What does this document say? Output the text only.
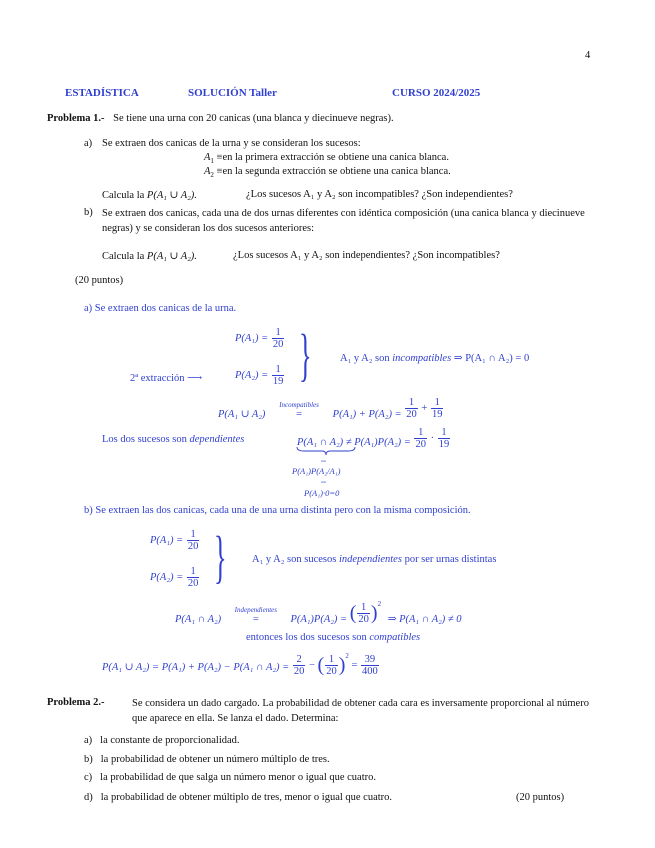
4
ESTADÍSTICA	SOLUCIÓN Taller	CURSO 2024/2025
Problema 1.- Se tiene una urna con 20 canicas (una blanca y diecinueve negras).
a) Se extraen dos canicas de la urna y se consideran los sucesos:
$A_1 \equiv en$ la primera extracción se obtiene una canica blanca.
$A_2 \equiv en$ la segunda extracción se obtiene una canica blanca.
Calcula la P(A₁ ∪ A₂).	¿Los sucesos A₁ y A₂ son incompatibles? ¿Son independientes?
b) Se extraen dos canicas, cada una de dos urnas diferentes con idéntica composición (una canica blanca y diecinueve negras) y se consideran los dos sucesos anteriores:
Calcula la P(A₁ ∪ A₂).	¿Los sucesos A₁ y A₂ son independientes? ¿Son incompatibles?
(20 puntos)
a) Se extraen dos canicas de la urna.
$P(A_1) = \frac{1}{20}$ }
2ª extracción ⟶	$P(A_2) = \frac{1}{19}$
A₁ y A₂ son incompatibles ⇒ P(A₁ ∩ A₂) = 0
P(A₁ ∪ A₂)
Incompatibles
=	$P(A_1) + P(A_2) = \frac{1}{20} + \frac{1}{19}$
Los dos sucesos son dependientes	P(A₁ ∩ $A_2) \ne P(A_1)P(A_2) = \frac{1}{20} \cdot \frac{1}{19}$
‖
P(A₁)P(A₂/A₁)
‖
P(A₁)·0=0
b) Se extraen las dos canicas, cada una de una urna distinta pero con la misma composición.
$P(A_1) = \frac{1}{20}$
$P(A_2) = \frac{1}{20}$ } A₁ y A₂ son sucesos independientes por ser urnas distintas
P(A₁ ∩ A₂)
Independientes
=	P(A₁)P(A₂) = ( $\frac{1}{20} )^2$ ⇒ P(A₁ ∩ A₂) ≠ 0
entonces los dos sucesos son compatibles
P(A₁ ∪ A₂) = P(A₁) + P(A₂) − P(A₁ ∩ $A_2) = \frac{2}{20}$ − ( $\frac{1}{20} )^2 = \frac{39}{400}$
Problema 2.-	Se considera un dado cargado. La probabilidad de obtener cada cara es inversamente proporcional al número que aparece en ella. Se lanza el dado. Determina:
a) la constante de proporcionalidad.
b) la probabilidad de obtener un número múltiplo de tres.
c) la probabilidad de que salga un número menor o igual que cuatro.
d) la probabilidad de obtener múltiplo de tres, menor o igual que cuatro.	(20 puntos)
